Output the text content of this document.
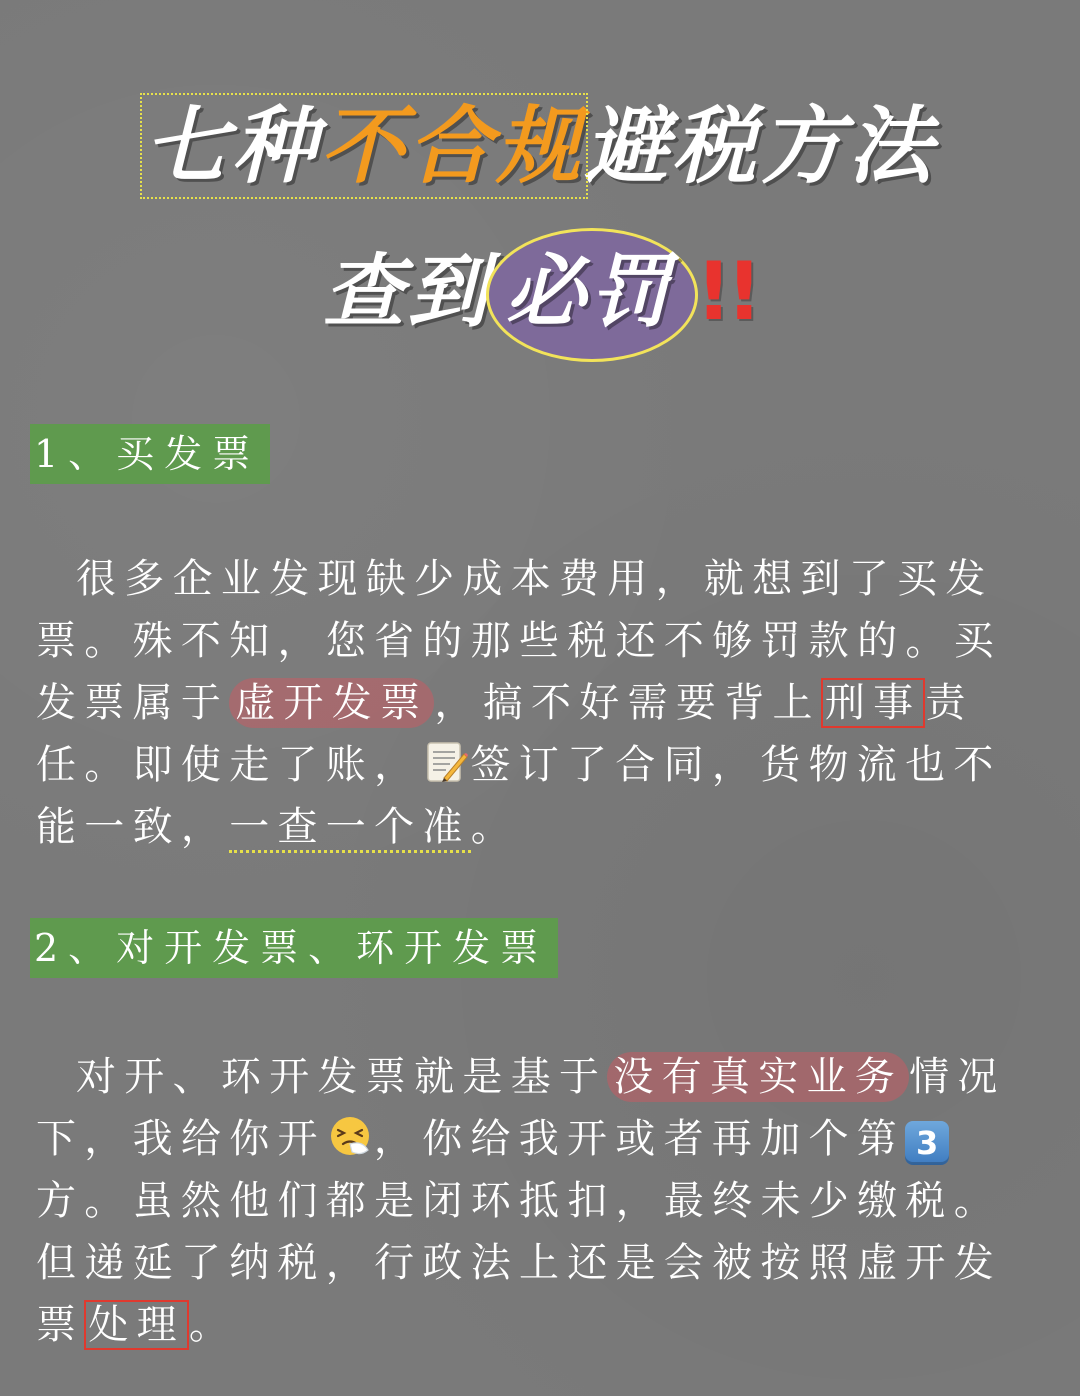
七种不合规避税方法
查到 必罚 !!
1、买发票
很多企业发现缺少成本费用，就想到了买发票。殊不知，您省的那些税还不够罚款的。买发票属于 虚开发票 ，搞不好需要背上 刑事 责任。即使走了账， 签订了合同，货物流也不能一致，一查一个准。
2、对开发票、环开发票
对开、环开发票就是基于 没有真实业务 情况下，我给你开 ，你给我开或者再加个第 3方。虽然他们都是闭环抵扣，最终未少缴税。但递延了纳税，行政法上还是会被按照虚开发票 处理 。
